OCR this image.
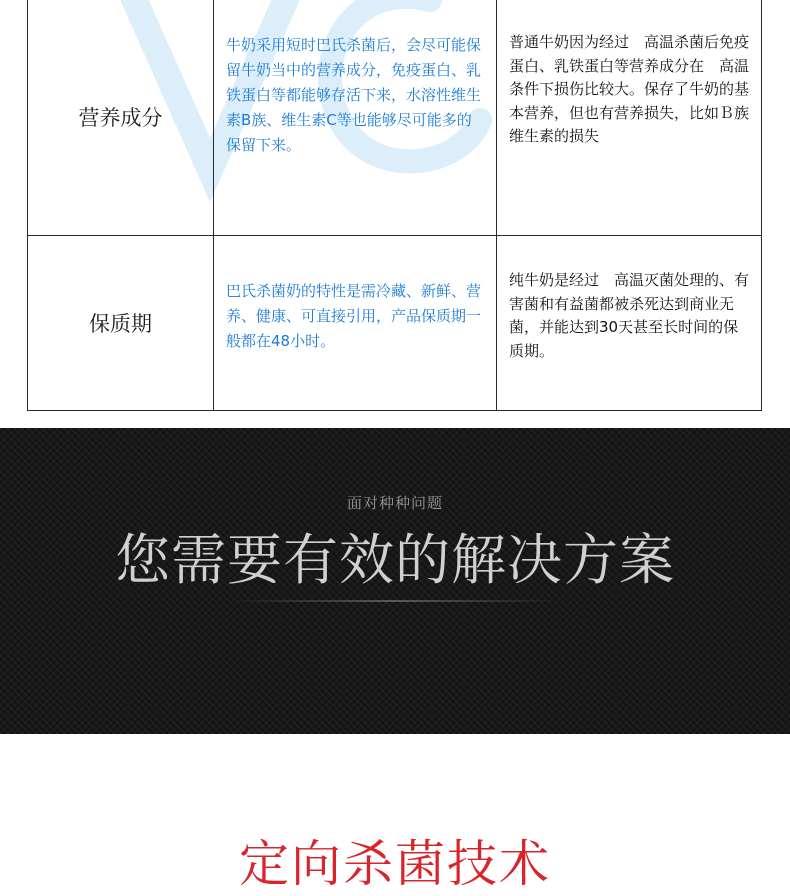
营养成分	牛奶采用短时巴氏杀菌后，会尽可能保留牛奶当中的营养成分，免疫蛋白、乳铁蛋白等都能够存活下来，水溶性维生素B族、维生素C等也能够尽可能多的保留下来。	普通牛奶因为经过　高温杀菌后免疫蛋白、乳铁蛋白等营养成分在　高温条件下损伤比较大。保存了牛奶的基本营养，但也有营养损失，比如Ｂ族维生素的损失

保质期	巴氏杀菌奶的特性是需冷藏、新鲜、营养、健康、可直接引用，产品保质期一般都在48小时。	纯牛奶是经过　高温灭菌处理的、有害菌和有益菌都被杀死达到商业无菌，并能达到30天甚至长时间的保质期。
面对种种问题
您需要有效的解决方案
定向杀菌技术
